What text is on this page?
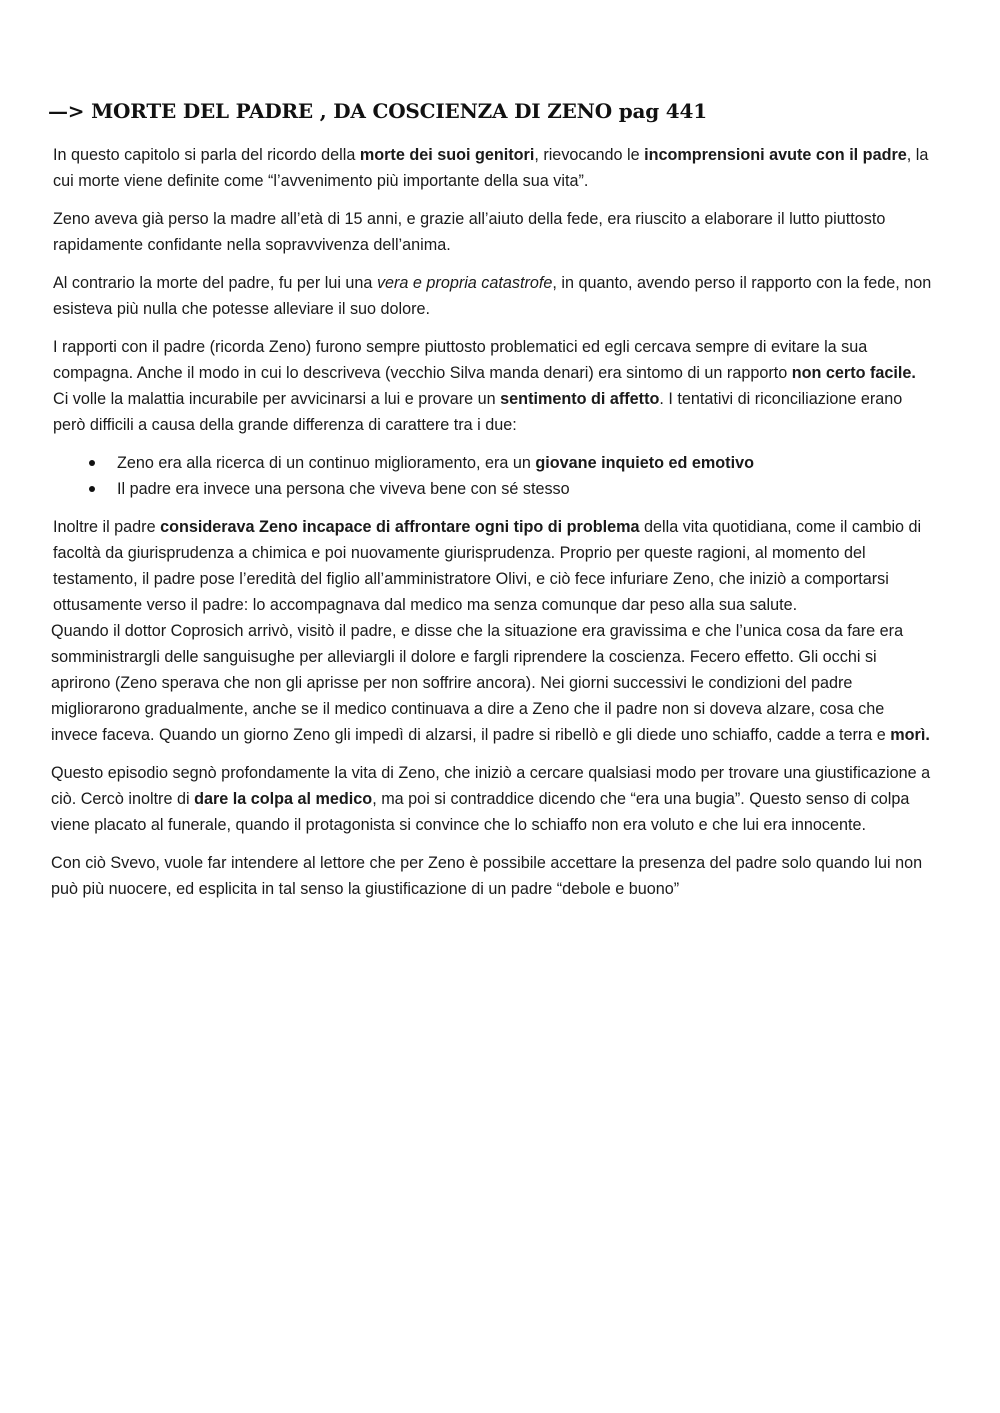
—> MORTE DEL PADRE , DA COSCIENZA DI ZENO pag 441

In questo capitolo si parla del ricordo della morte dei suoi genitori, rievocando le incomprensioni avute con il padre, la cui morte viene definite come “l’avvenimento più importante della sua vita”.

Zeno aveva già perso la madre all’età di 15 anni, e grazie all’aiuto della fede, era riuscito a elaborare il lutto piuttosto rapidamente confidante nella sopravvivenza dell’anima.

Al contrario la morte del padre, fu per lui una vera e propria catastrofe, in quanto, avendo perso il rapporto con la fede, non esisteva più nulla che potesse alleviare il suo dolore.

I rapporti con il padre (ricorda Zeno) furono sempre piuttosto problematici ed egli cercava sempre di evitare la sua compagna. Anche il modo in cui lo descriveva (vecchio Silva manda denari) era sintomo di un rapporto non certo facile. Ci volle la malattia incurabile per avvicinarsi a lui e provare un sentimento di affetto. I tentativi di riconciliazione erano però difficili a causa della grande differenza di carattere tra i due:

Zeno era alla ricerca di un continuo miglioramento, era un giovane inquieto ed emotivo
Il padre era invece una persona che viveva bene con sé stesso

Inoltre il padre considerava Zeno incapace di affrontare ogni tipo di problema della vita quotidiana, come il cambio di facoltà da giurisprudenza a chimica e poi nuovamente giurisprudenza. Proprio per queste ragioni, al momento del testamento, il padre pose l’eredità del figlio all’amministratore Olivi, e ciò fece infuriare Zeno, che iniziò a comportarsi ottusamente verso il padre: lo accompagnava dal medico ma senza comunque dar peso alla sua salute.

Quando il dottor Coprosich arrivò, visitò il padre, e disse che la situazione era gravissima e che l’unica cosa da fare era somministrargli delle sanguisughe per alleviargli il dolore e fargli riprendere la coscienza. Fecero effetto. Gli occhi si aprirono (Zeno sperava che non gli aprisse per non soffrire ancora). Nei giorni successivi le condizioni del padre migliorarono gradualmente, anche se il medico continuava a dire a Zeno che il padre non si doveva alzare, cosa che invece faceva. Quando un giorno Zeno gli impedì di alzarsi, il padre si ribellò e gli diede uno schiaffo, cadde a terra e morì.

Questo episodio segnò profondamente la vita di Zeno, che iniziò a cercare qualsiasi modo per trovare una giustificazione a ciò. Cercò inoltre di dare la colpa al medico, ma poi si contraddice dicendo che “era una bugia”. Questo senso di colpa viene placato al funerale, quando il protagonista si convince che lo schiaffo non era voluto e che lui era innocente.

Con ciò Svevo, vuole far intendere al lettore che per Zeno è possibile accettare la presenza del padre solo quando lui non può più nuocere, ed esplicita in tal senso la giustificazione di un padre “debole e buono”
